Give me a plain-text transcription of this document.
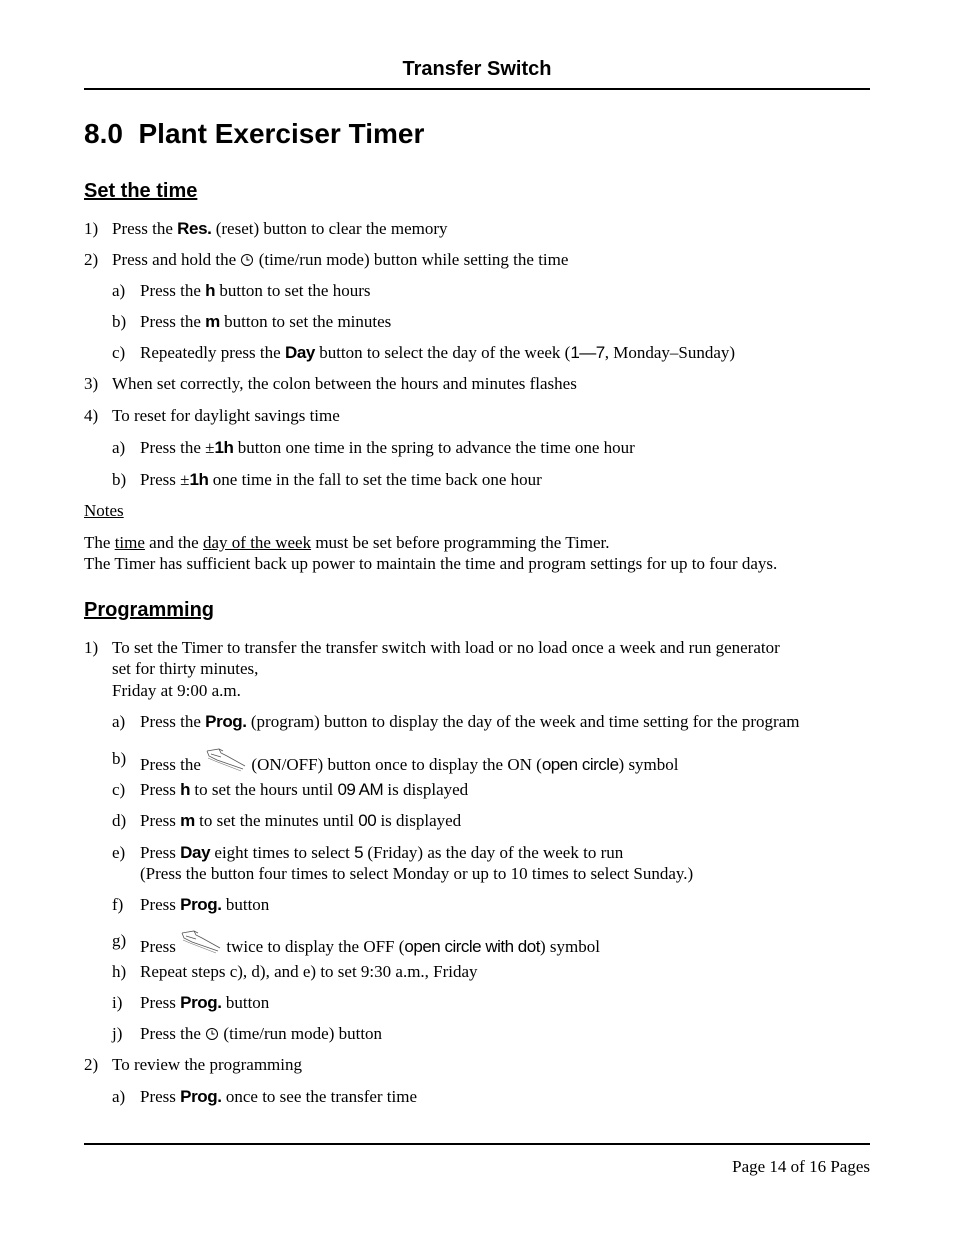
Transfer Switch
8.0  Plant Exerciser Timer
Set the time
1) Press the Res. (reset) button to clear the memory
2) Press and hold the  (time/run mode) button while setting the time
a) Press the h button to set the hours
b) Press the m button to set the minutes
c) Repeatedly press the Day button to select the day of the week (1—7, Monday–Sunday)
3) When set correctly, the colon between the hours and minutes flashes
4) To reset for daylight savings time
a) Press the ±1h button one time in the spring to advance the time one hour
b) Press ±1h one time in the fall to set the time back one hour
Notes
The time and the day of the week must be set before programming the Timer.
The Timer has sufficient back up power to maintain the time and program settings for up to four days.
Programming
1) To set the Timer to transfer the transfer switch with load or no load once a week and run generator
set for thirty minutes,
Friday at 9:00 a.m.
a) Press the Prog. (program) button to display the day of the week and time setting for the program
b) Press the  (ON/OFF) button once to display the ON (open circle) symbol
c) Press h to set the hours until 09 AM is displayed
d) Press m to set the minutes until 00 is displayed
e) Press Day eight times to select 5 (Friday) as the day of the week to run
(Press the button four times to select Monday or up to 10 times to select Sunday.)
f) Press Prog. button
g) Press  twice to display the OFF (open circle with dot) symbol
h) Repeat steps c), d), and e) to set 9:30 a.m., Friday
i) Press Prog. button
j) Press the  (time/run mode) button
2) To review the programming
a) Press Prog. once to see the transfer time
Page 14 of 16 Pages
